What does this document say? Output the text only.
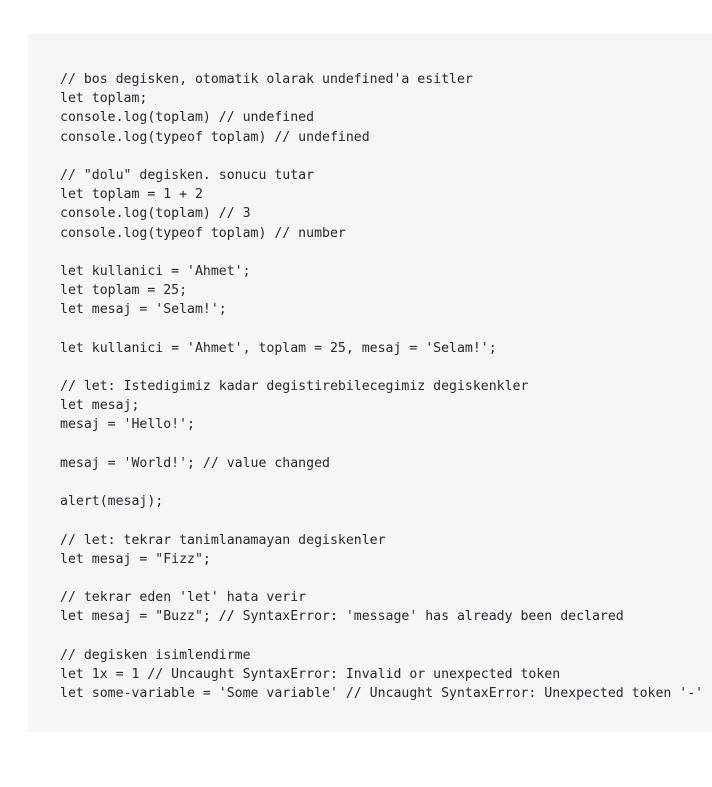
// bos degisken, otomatik olarak undefined'a esitler
let toplam;
console.log(toplam) // undefined
console.log(typeof toplam) // undefined

// "dolu" degisken. sonucu tutar
let toplam = 1 + 2
console.log(toplam) // 3
console.log(typeof toplam) // number

let kullanici = 'Ahmet';
let toplam = 25;
let mesaj = 'Selam!';

let kullanici = 'Ahmet', toplam = 25, mesaj = 'Selam!';

// let: Istedigimiz kadar degistirebilecegimiz degiskenkler
let mesaj;
mesaj = 'Hello!';

mesaj = 'World!'; // value changed

alert(mesaj);

// let: tekrar tanimlanamayan degiskenler
let mesaj = "Fizz";

// tekrar eden 'let' hata verir
let mesaj = "Buzz"; // SyntaxError: 'message' has already been declared

// degisken isimlendirme
let 1x = 1 // Uncaught SyntaxError: Invalid or unexpected token
let some-variable = 'Some variable' // Uncaught SyntaxError: Unexpected token '-'
